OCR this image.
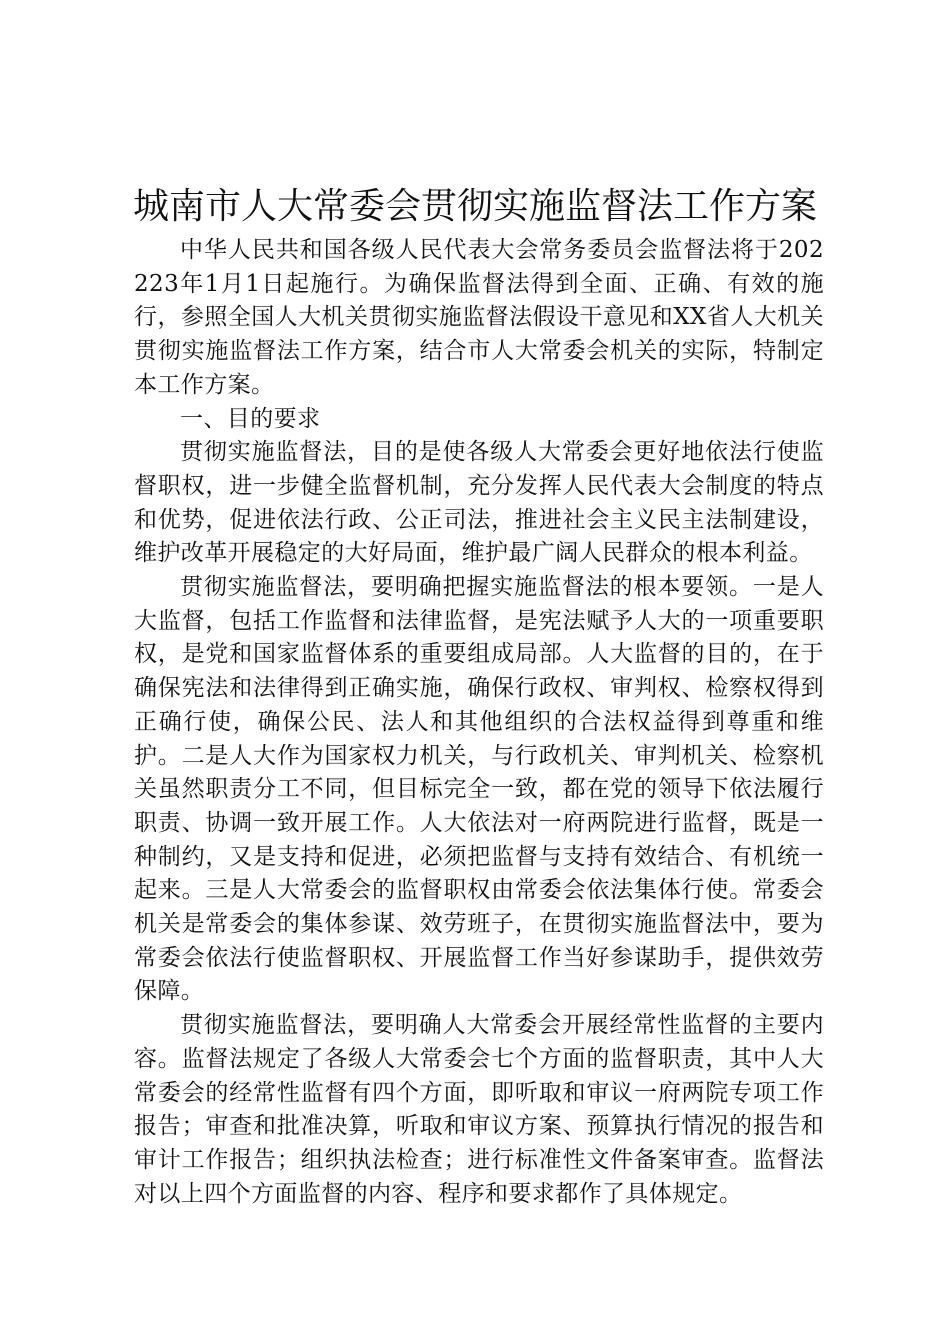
城南市人大常委会贯彻实施监督法工作方案

中华人民共和国各级人民代表大会常务委员会监督法将于202223年1月1日起施行。为确保监督法得到全面、正确、有效的施行，参照全国人大机关贯彻实施监督法假设干意见和XX省人大机关贯彻实施监督法工作方案，结合市人大常委会机关的实际，特制定本工作方案。

一、目的要求

贯彻实施监督法，目的是使各级人大常委会更好地依法行使监督职权，进一步健全监督机制，充分发挥人民代表大会制度的特点和优势，促进依法行政、公正司法，推进社会主义民主法制建设，维护改革开展稳定的大好局面，维护最广阔人民群众的根本利益。

贯彻实施监督法，要明确把握实施监督法的根本要领。一是人大监督，包括工作监督和法律监督，是宪法赋予人大的一项重要职权，是党和国家监督体系的重要组成局部。人大监督的目的，在于确保宪法和法律得到正确实施，确保行政权、审判权、检察权得到正确行使，确保公民、法人和其他组织的合法权益得到尊重和维护。二是人大作为国家权力机关，与行政机关、审判机关、检察机关虽然职责分工不同，但目标完全一致，都在党的领导下依法履行职责、协调一致开展工作。人大依法对一府两院进行监督，既是一种制约，又是支持和促进，必须把监督与支持有效结合、有机统一起来。三是人大常委会的监督职权由常委会依法集体行使。常委会机关是常委会的集体参谋、效劳班子，在贯彻实施监督法中，要为常委会依法行使监督职权、开展监督工作当好参谋助手，提供效劳保障。

贯彻实施监督法，要明确人大常委会开展经常性监督的主要内容。监督法规定了各级人大常委会七个方面的监督职责，其中人大常委会的经常性监督有四个方面，即听取和审议一府两院专项工作报告；审查和批准决算，听取和审议方案、预算执行情况的报告和审计工作报告；组织执法检查；进行标准性文件备案审查。监督法对以上四个方面监督的内容、程序和要求都作了具体规定。
